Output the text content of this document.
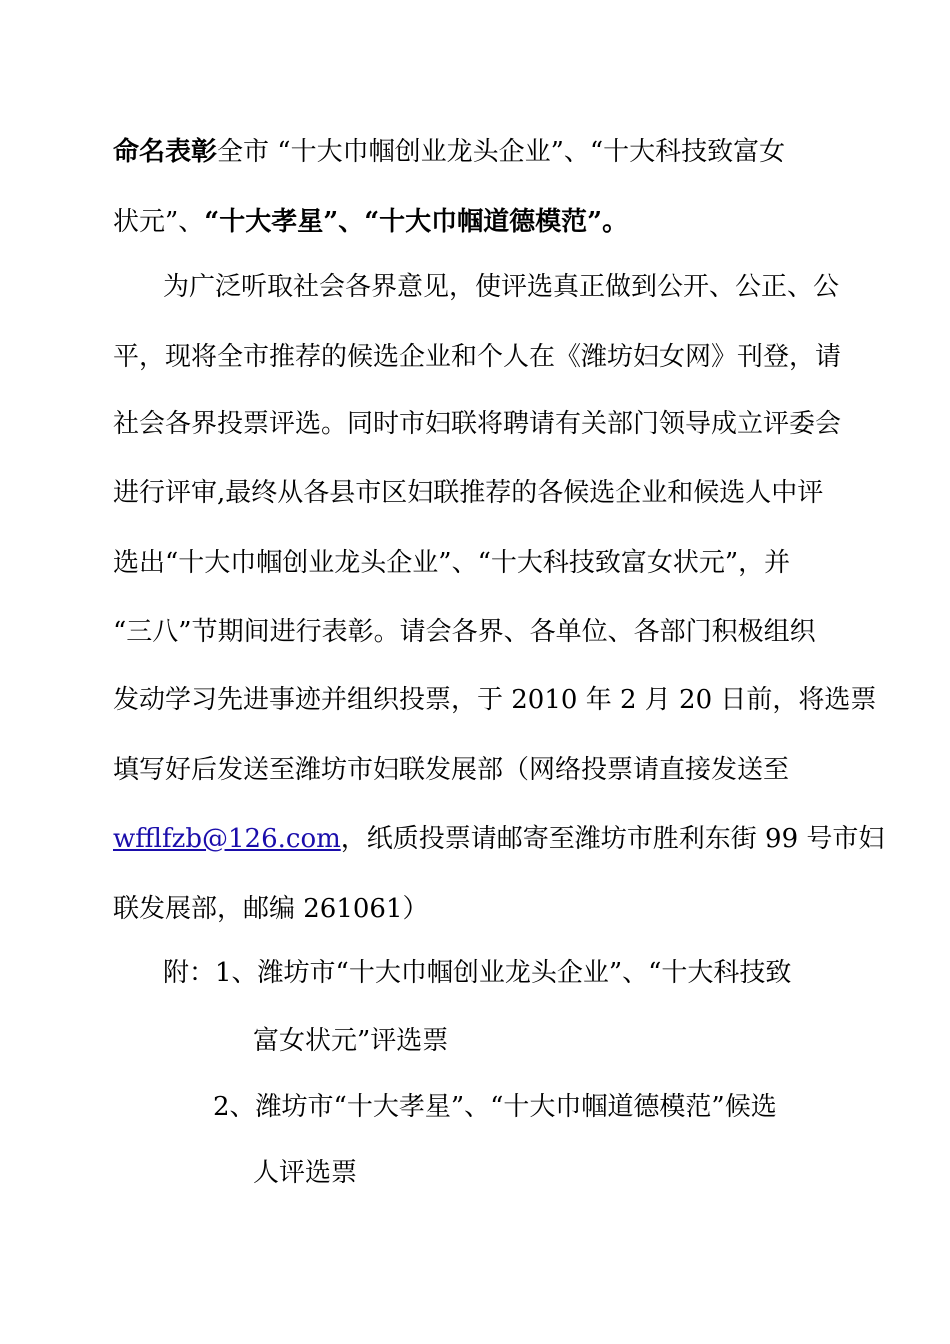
命名表彰全市 “十大巾帼创业龙头企业”、“十大科技致富女
状元”、“十大孝星”、“十大巾帼道德模范”。
为广泛听取社会各界意见，使评选真正做到公开、公正、公
平，现将全市推荐的候选企业和个人在《潍坊妇女网》刊登，请
社会各界投票评选。同时市妇联将聘请有关部门领导成立评委会
进行评审,最终从各县市区妇联推荐的各候选企业和候选人中评
选出“十大巾帼创业龙头企业”、“十大科技致富女状元”，并
“三八”节期间进行表彰。请会各界、各单位、各部门积极组织
发动学习先进事迹并组织投票，于 2010 年 2 月 20 日前，将选票
填写好后发送至潍坊市妇联发展部（网络投票请直接发送至
wfflfzb@126.com，纸质投票请邮寄至潍坊市胜利东街 99 号市妇
联发展部，邮编 261061）
附：1、潍坊市“十大巾帼创业龙头企业”、“十大科技致
富女状元”评选票
2、潍坊市“十大孝星”、“十大巾帼道德模范”候选
人评选票
